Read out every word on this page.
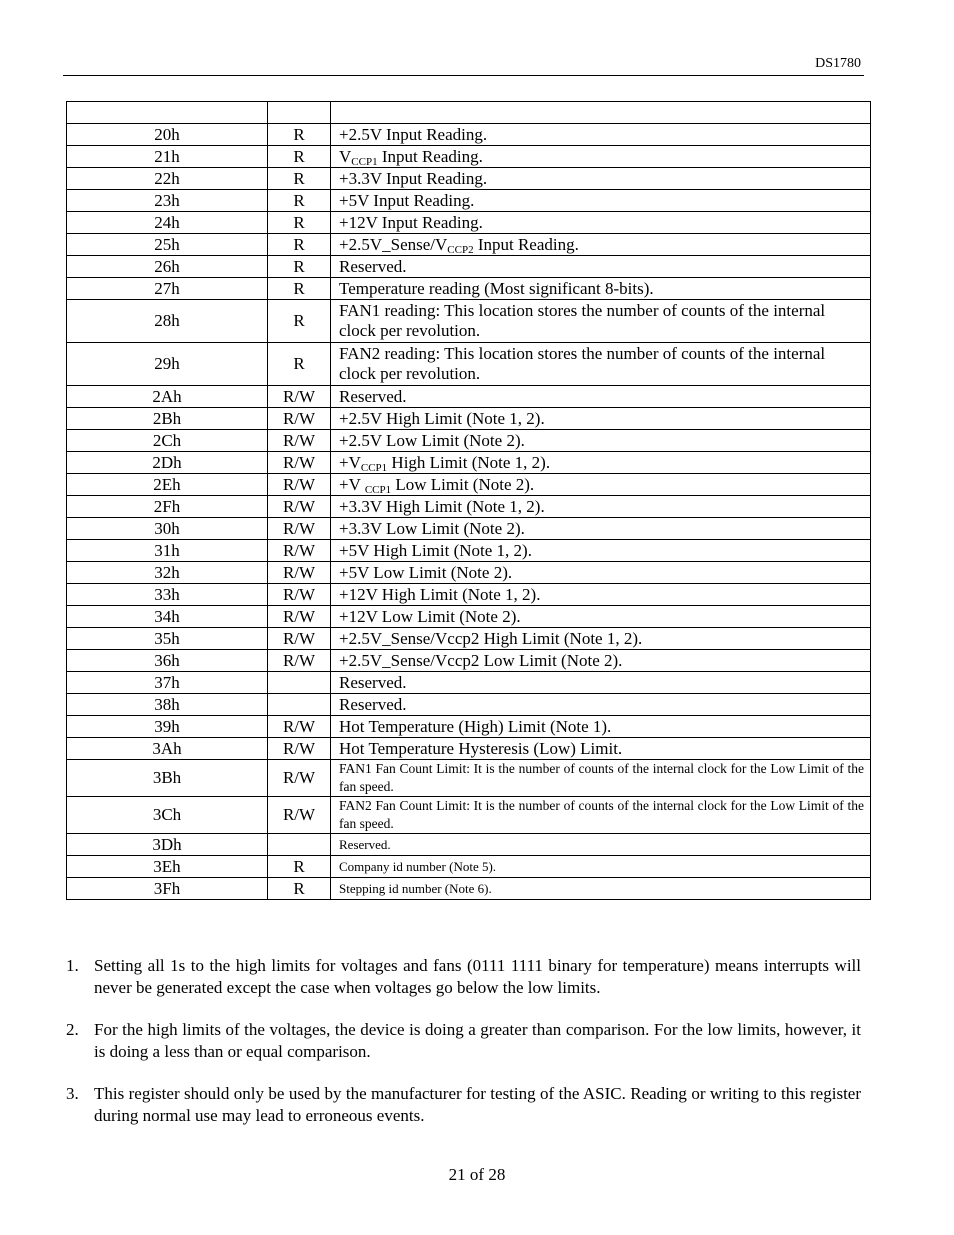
DS1780

20h	R	+2.5V Input Reading.
21h	R	$V_{CCP1}$ Input Reading.
22h	R	+3.3V Input Reading.
23h	R	+5V Input Reading.
24h	R	+12V Input Reading.
25h	R	$+2.5V\_Sense/V_{CCP2}$ Input Reading.
26h	R	Reserved.
27h	R	Temperature reading (Most significant 8-bits).
28h	R	FAN1 reading: This location stores the number of counts of the internal clock per revolution.
29h	R	FAN2 reading: This location stores the number of counts of the internal clock per revolution.
2Ah	R/W	Reserved.
2Bh	R/W	+2.5V High Limit (Note 1, 2).
2Ch	R/W	+2.5V Low Limit (Note 2).
2Dh	R/W	$+V_{CCP1}$ High Limit (Note 1, 2).
2Eh	R/W	+V $_{CCP1}$ Low Limit (Note 2).
2Fh	R/W	+3.3V High Limit (Note 1, 2).
30h	R/W	+3.3V Low Limit (Note 2).
31h	R/W	+5V High Limit (Note 1, 2).
32h	R/W	+5V Low Limit (Note 2).
33h	R/W	+12V High Limit (Note 1, 2).
34h	R/W	+12V Low Limit (Note 2).
35h	R/W	+2.5V_Sense/Vccp2 High Limit (Note 1, 2).
36h	R/W	+2.5V_Sense/Vccp2 Low Limit (Note 2).
37h		Reserved.
38h		Reserved.
39h	R/W	Hot Temperature (High) Limit (Note 1).
3Ah	R/W	Hot Temperature Hysteresis (Low) Limit.
3Bh	R/W	FAN1 Fan Count Limit: It is the number of counts of the internal clock for the Low Limit of the fan speed.
3Ch	R/W	FAN2 Fan Count Limit: It is the number of counts of the internal clock for the Low Limit of the fan speed.
3Dh		Reserved.
3Eh	R	Company id number (Note 5).
3Fh	R	Stepping id number (Note 6).
1. Setting all 1s to the high limits for voltages and fans (0111 1111 binary for temperature) means interrupts will never be generated except the case when voltages go below the low limits.
2. For the high limits of the voltages, the device is doing a greater than comparison. For the low limits, however, it is doing a less than or equal comparison.
3. This register should only be used by the manufacturer for testing of the ASIC. Reading or writing to this register during normal use may lead to erroneous events.
21 of 28
